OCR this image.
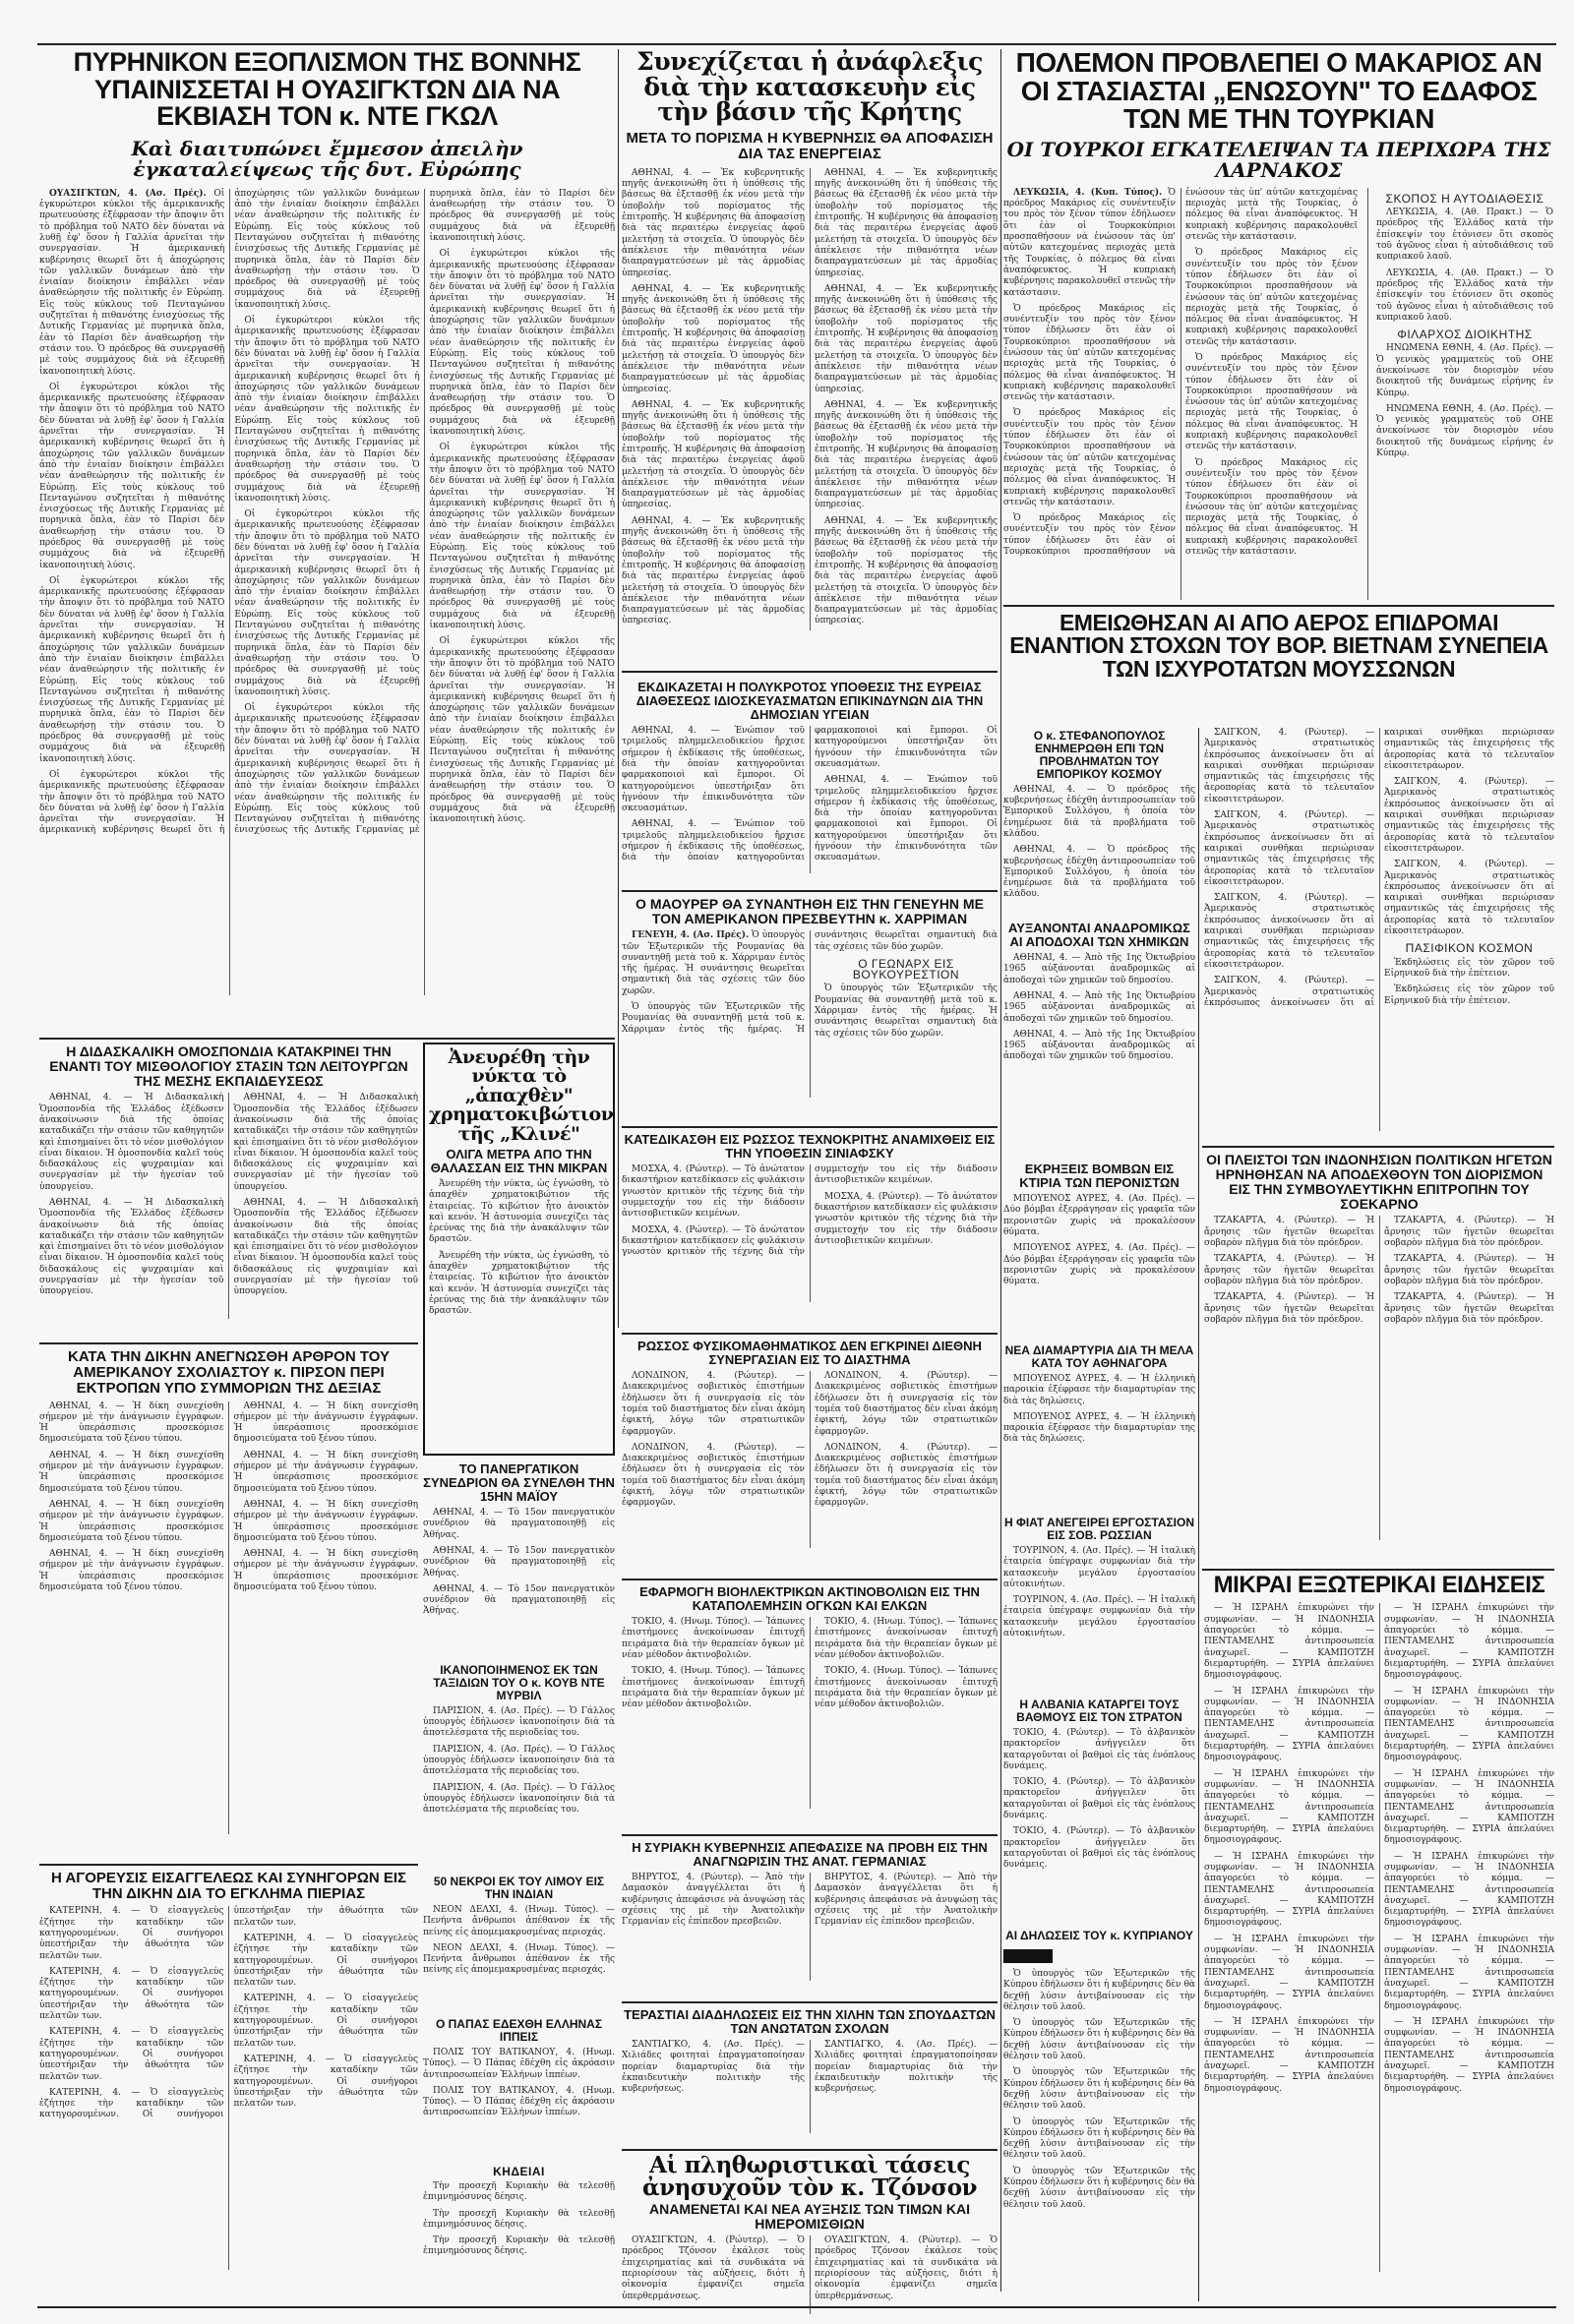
ΠΥΡΗΝΙΚΟΝ ΕΞΟΠΛΙΣΜΟΝ ΤΗΣ ΒΟΝΝΗΣ ΥΠΑΙΝΙΣΣΕΤΑΙ Η ΟΥΑΣΙΓΚΤΩΝ ΔΙΑ ΝΑ ΕΚΒΙΑΣΗ ΤΟΝ κ. ΝΤΕ ΓΚΩΛ
Καὶ διαιτυπώνει ἔμμεσον ἀπειλὴν ἐγκαταλείψεως τῆς δυτ. Εὐρώπης

ΟΥΑΣΙΓΚΤΩΝ, 4. (Ασ. Πρές). Οἱ ἐγκυρώτεροι κύκλοι τῆς ἀμερικανικῆς πρωτευούσης ἐξέφρασαν τὴν ἄποψιν ὅτι τὸ πρόβλημα τοῦ ΝΑΤΟ δὲν δύναται νὰ λυθῇ ἐφ' ὅσον ἡ Γαλλία ἀρνεῖται τὴν συνεργασίαν. Ἡ ἀμερικανικὴ κυβέρνησις θεωρεῖ ὅτι ἡ ἀποχώρησις τῶν γαλλικῶν δυνάμεων ἀπὸ τὴν ἑνιαίαν διοίκησιν ἐπιβάλλει νέαν ἀναθεώρησιν τῆς πολιτικῆς ἐν Εὐρώπῃ. Εἰς τοὺς κύκλους τοῦ Πενταγώνου συζητεῖται ἡ πιθανότης ἐνισχύσεως τῆς Δυτικῆς Γερμανίας μὲ πυρηνικὰ ὅπλα, ἐὰν τὸ Παρίσι δὲν ἀναθεωρήσῃ τὴν στάσιν του. Ὁ πρόεδρος θὰ συνεργασθῇ μὲ τοὺς συμμάχους διὰ νὰ ἐξευρεθῇ ἱκανοποιητικὴ λύσις.

Οἱ ἐγκυρώτεροι κύκλοι τῆς ἀμερικανικῆς πρωτευούσης ἐξέφρασαν τὴν ἄποψιν ὅτι τὸ πρόβλημα τοῦ ΝΑΤΟ δὲν δύναται νὰ λυθῇ ἐφ' ὅσον ἡ Γαλλία ἀρνεῖται τὴν συνεργασίαν. Ἡ ἀμερικανικὴ κυβέρνησις θεωρεῖ ὅτι ἡ ἀποχώρησις τῶν γαλλικῶν δυνάμεων ἀπὸ τὴν ἑνιαίαν διοίκησιν ἐπιβάλλει νέαν ἀναθεώρησιν τῆς πολιτικῆς ἐν Εὐρώπῃ. Εἰς τοὺς κύκλους τοῦ Πενταγώνου συζητεῖται ἡ πιθανότης ἐνισχύσεως τῆς Δυτικῆς Γερμανίας μὲ πυρηνικὰ ὅπλα, ἐὰν τὸ Παρίσι δὲν ἀναθεωρήσῃ τὴν στάσιν του. Ὁ πρόεδρος θὰ συνεργασθῇ μὲ τοὺς συμμάχους διὰ νὰ ἐξευρεθῇ ἱκανοποιητικὴ λύσις.

Οἱ ἐγκυρώτεροι κύκλοι τῆς ἀμερικανικῆς πρωτευούσης ἐξέφρασαν τὴν ἄποψιν ὅτι τὸ πρόβλημα τοῦ ΝΑΤΟ δὲν δύναται νὰ λυθῇ ἐφ' ὅσον ἡ Γαλλία ἀρνεῖται τὴν συνεργασίαν. Ἡ ἀμερικανικὴ κυβέρνησις θεωρεῖ ὅτι ἡ ἀποχώρησις τῶν γαλλικῶν δυνάμεων ἀπὸ τὴν ἑνιαίαν διοίκησιν ἐπιβάλλει νέαν ἀναθεώρησιν τῆς πολιτικῆς ἐν Εὐρώπῃ. Εἰς τοὺς κύκλους τοῦ Πενταγώνου συζητεῖται ἡ πιθανότης ἐνισχύσεως τῆς Δυτικῆς Γερμανίας μὲ πυρηνικὰ ὅπλα, ἐὰν τὸ Παρίσι δὲν ἀναθεωρήσῃ τὴν στάσιν του. Ὁ πρόεδρος θὰ συνεργασθῇ μὲ τοὺς συμμάχους διὰ νὰ ἐξευρεθῇ ἱκανοποιητικὴ λύσις.

Οἱ ἐγκυρώτεροι κύκλοι τῆς ἀμερικανικῆς πρωτευούσης ἐξέφρασαν τὴν ἄποψιν ὅτι τὸ πρόβλημα τοῦ ΝΑΤΟ δὲν δύναται νὰ λυθῇ ἐφ' ὅσον ἡ Γαλλία ἀρνεῖται τὴν συνεργασίαν. Ἡ ἀμερικανικὴ κυβέρνησις θεωρεῖ ὅτι ἡ ἀποχώρησις τῶν γαλλικῶν δυνάμεων ἀπὸ τὴν ἑνιαίαν διοίκησιν ἐπιβάλλει νέαν ἀναθεώρησιν τῆς πολιτικῆς ἐν Εὐρώπῃ. Εἰς τοὺς κύκλους τοῦ Πενταγώνου συζητεῖται ἡ πιθανότης ἐνισχύσεως τῆς Δυτικῆς Γερμανίας μὲ πυρηνικὰ ὅπλα, ἐὰν τὸ Παρίσι δὲν ἀναθεωρήσῃ τὴν στάσιν του. Ὁ πρόεδρος θὰ συνεργασθῇ μὲ τοὺς συμμάχους διὰ νὰ ἐξευρεθῇ ἱκανοποιητικὴ λύσις.

Οἱ ἐγκυρώτεροι κύκλοι τῆς ἀμερικανικῆς πρωτευούσης ἐξέφρασαν τὴν ἄποψιν ὅτι τὸ πρόβλημα τοῦ ΝΑΤΟ δὲν δύναται νὰ λυθῇ ἐφ' ὅσον ἡ Γαλλία ἀρνεῖται τὴν συνεργασίαν. Ἡ ἀμερικανικὴ κυβέρνησις θεωρεῖ ὅτι ἡ ἀποχώρησις τῶν γαλλικῶν δυνάμεων ἀπὸ τὴν ἑνιαίαν διοίκησιν ἐπιβάλλει νέαν ἀναθεώρησιν τῆς πολιτικῆς ἐν Εὐρώπῃ. Εἰς τοὺς κύκλους τοῦ Πενταγώνου συζητεῖται ἡ πιθανότης ἐνισχύσεως τῆς Δυτικῆς Γερμανίας μὲ πυρηνικὰ ὅπλα, ἐὰν τὸ Παρίσι δὲν ἀναθεωρήσῃ τὴν στάσιν του. Ὁ πρόεδρος θὰ συνεργασθῇ μὲ τοὺς συμμάχους διὰ νὰ ἐξευρεθῇ ἱκανοποιητικὴ λύσις.

Οἱ ἐγκυρώτεροι κύκλοι τῆς ἀμερικανικῆς πρωτευούσης ἐξέφρασαν τὴν ἄποψιν ὅτι τὸ πρόβλημα τοῦ ΝΑΤΟ δὲν δύναται νὰ λυθῇ ἐφ' ὅσον ἡ Γαλλία ἀρνεῖται τὴν συνεργασίαν. Ἡ ἀμερικανικὴ κυβέρνησις θεωρεῖ ὅτι ἡ ἀποχώρησις τῶν γαλλικῶν δυνάμεων ἀπὸ τὴν ἑνιαίαν διοίκησιν ἐπιβάλλει νέαν ἀναθεώρησιν τῆς πολιτικῆς ἐν Εὐρώπῃ. Εἰς τοὺς κύκλους τοῦ Πενταγώνου συζητεῖται ἡ πιθανότης ἐνισχύσεως τῆς Δυτικῆς Γερμανίας μὲ πυρηνικὰ ὅπλα, ἐὰν τὸ Παρίσι δὲν ἀναθεωρήσῃ τὴν στάσιν του. Ὁ πρόεδρος θὰ συνεργασθῇ μὲ τοὺς συμμάχους διὰ νὰ ἐξευρεθῇ ἱκανοποιητικὴ λύσις.

Οἱ ἐγκυρώτεροι κύκλοι τῆς ἀμερικανικῆς πρωτευούσης ἐξέφρασαν τὴν ἄποψιν ὅτι τὸ πρόβλημα τοῦ ΝΑΤΟ δὲν δύναται νὰ λυθῇ ἐφ' ὅσον ἡ Γαλλία ἀρνεῖται τὴν συνεργασίαν. Ἡ ἀμερικανικὴ κυβέρνησις θεωρεῖ ὅτι ἡ ἀποχώρησις τῶν γαλλικῶν δυνάμεων ἀπὸ τὴν ἑνιαίαν διοίκησιν ἐπιβάλλει νέαν ἀναθεώρησιν τῆς πολιτικῆς ἐν Εὐρώπῃ. Εἰς τοὺς κύκλους τοῦ Πενταγώνου συζητεῖται ἡ πιθανότης ἐνισχύσεως τῆς Δυτικῆς Γερμανίας μὲ πυρηνικὰ ὅπλα, ἐὰν τὸ Παρίσι δὲν ἀναθεωρήσῃ τὴν στάσιν του. Ὁ πρόεδρος θὰ συνεργασθῇ μὲ τοὺς συμμάχους διὰ νὰ ἐξευρεθῇ ἱκανοποιητικὴ λύσις.

Οἱ ἐγκυρώτεροι κύκλοι τῆς ἀμερικανικῆς πρωτευούσης ἐξέφρασαν τὴν ἄποψιν ὅτι τὸ πρόβλημα τοῦ ΝΑΤΟ δὲν δύναται νὰ λυθῇ ἐφ' ὅσον ἡ Γαλλία ἀρνεῖται τὴν συνεργασίαν. Ἡ ἀμερικανικὴ κυβέρνησις θεωρεῖ ὅτι ἡ ἀποχώρησις τῶν γαλλικῶν δυνάμεων ἀπὸ τὴν ἑνιαίαν διοίκησιν ἐπιβάλλει νέαν ἀναθεώρησιν τῆς πολιτικῆς ἐν Εὐρώπῃ. Εἰς τοὺς κύκλους τοῦ Πενταγώνου συζητεῖται ἡ πιθανότης ἐνισχύσεως τῆς Δυτικῆς Γερμανίας μὲ πυρηνικὰ ὅπλα, ἐὰν τὸ Παρίσι δὲν ἀναθεωρήσῃ τὴν στάσιν του. Ὁ πρόεδρος θὰ συνεργασθῇ μὲ τοὺς συμμάχους διὰ νὰ ἐξευρεθῇ ἱκανοποιητικὴ λύσις.

Οἱ ἐγκυρώτεροι κύκλοι τῆς ἀμερικανικῆς πρωτευούσης ἐξέφρασαν τὴν ἄποψιν ὅτι τὸ πρόβλημα τοῦ ΝΑΤΟ δὲν δύναται νὰ λυθῇ ἐφ' ὅσον ἡ Γαλλία ἀρνεῖται τὴν συνεργασίαν. Ἡ ἀμερικανικὴ κυβέρνησις θεωρεῖ ὅτι ἡ ἀποχώρησις τῶν γαλλικῶν δυνάμεων ἀπὸ τὴν ἑνιαίαν διοίκησιν ἐπιβάλλει νέαν ἀναθεώρησιν τῆς πολιτικῆς ἐν Εὐρώπῃ. Εἰς τοὺς κύκλους τοῦ Πενταγώνου συζητεῖται ἡ πιθανότης ἐνισχύσεως τῆς Δυτικῆς Γερμανίας μὲ πυρηνικὰ ὅπλα, ἐὰν τὸ Παρίσι δὲν ἀναθεωρήσῃ τὴν στάσιν του. Ὁ πρόεδρος θὰ συνεργασθῇ μὲ τοὺς συμμάχους διὰ νὰ ἐξευρεθῇ ἱκανοποιητικὴ λύσις.

Οἱ ἐγκυρώτεροι κύκλοι τῆς ἀμερικανικῆς πρωτευούσης ἐξέφρασαν τὴν ἄποψιν ὅτι τὸ πρόβλημα τοῦ ΝΑΤΟ δὲν δύναται νὰ λυθῇ ἐφ' ὅσον ἡ Γαλλία ἀρνεῖται τὴν συνεργασίαν. Ἡ ἀμερικανικὴ κυβέρνησις θεωρεῖ ὅτι ἡ ἀποχώρησις τῶν γαλλικῶν δυνάμεων ἀπὸ τὴν ἑνιαίαν διοίκησιν ἐπιβάλλει νέαν ἀναθεώρησιν τῆς πολιτικῆς ἐν Εὐρώπῃ. Εἰς τοὺς κύκλους τοῦ Πενταγώνου συζητεῖται ἡ πιθανότης ἐνισχύσεως τῆς Δυτικῆς Γερμανίας μὲ πυρηνικὰ ὅπλα, ἐὰν τὸ Παρίσι δὲν ἀναθεωρήσῃ τὴν στάσιν του. Ὁ πρόεδρος θὰ συνεργασθῇ μὲ τοὺς συμμάχους διὰ νὰ ἐξευρεθῇ ἱκανοποιητικὴ λύσις.

Συνεχίζεται ἡ ἀνάφλεξις διὰ τὴν κατασκευὴν εἰς τὴν βάσιν τῆς Κρήτης
ΜΕΤΑ ΤΟ ΠΟΡΙΣΜΑ Η ΚΥΒΕΡΝΗΣΙΣ ΘΑ ΑΠΟΦΑΣΙΣΗ ΔΙΑ ΤΑΣ ΕΝΕΡΓΕΙΑΣ

ΑΘΗΝΑΙ, 4. — Ἐκ κυβερνητικῆς πηγῆς ἀνεκοινώθη ὅτι ἡ ὑπόθεσις τῆς βάσεως θὰ ἐξετασθῇ ἐκ νέου μετὰ τὴν ὑποβολὴν τοῦ πορίσματος τῆς ἐπιτροπῆς. Ἡ κυβέρνησις θὰ ἀποφασίσῃ διὰ τὰς περαιτέρω ἐνεργείας ἀφοῦ μελετήσῃ τὰ στοιχεῖα. Ὁ ὑπουργὸς δὲν ἀπέκλεισε τὴν πιθανότητα νέων διαπραγματεύσεων μὲ τὰς ἀρμοδίας ὑπηρεσίας.

ΑΘΗΝΑΙ, 4. — Ἐκ κυβερνητικῆς πηγῆς ἀνεκοινώθη ὅτι ἡ ὑπόθεσις τῆς βάσεως θὰ ἐξετασθῇ ἐκ νέου μετὰ τὴν ὑποβολὴν τοῦ πορίσματος τῆς ἐπιτροπῆς. Ἡ κυβέρνησις θὰ ἀποφασίσῃ διὰ τὰς περαιτέρω ἐνεργείας ἀφοῦ μελετήσῃ τὰ στοιχεῖα. Ὁ ὑπουργὸς δὲν ἀπέκλεισε τὴν πιθανότητα νέων διαπραγματεύσεων μὲ τὰς ἀρμοδίας ὑπηρεσίας.

ΑΘΗΝΑΙ, 4. — Ἐκ κυβερνητικῆς πηγῆς ἀνεκοινώθη ὅτι ἡ ὑπόθεσις τῆς βάσεως θὰ ἐξετασθῇ ἐκ νέου μετὰ τὴν ὑποβολὴν τοῦ πορίσματος τῆς ἐπιτροπῆς. Ἡ κυβέρνησις θὰ ἀποφασίσῃ διὰ τὰς περαιτέρω ἐνεργείας ἀφοῦ μελετήσῃ τὰ στοιχεῖα. Ὁ ὑπουργὸς δὲν ἀπέκλεισε τὴν πιθανότητα νέων διαπραγματεύσεων μὲ τὰς ἀρμοδίας ὑπηρεσίας.

ΑΘΗΝΑΙ, 4. — Ἐκ κυβερνητικῆς πηγῆς ἀνεκοινώθη ὅτι ἡ ὑπόθεσις τῆς βάσεως θὰ ἐξετασθῇ ἐκ νέου μετὰ τὴν ὑποβολὴν τοῦ πορίσματος τῆς ἐπιτροπῆς. Ἡ κυβέρνησις θὰ ἀποφασίσῃ διὰ τὰς περαιτέρω ἐνεργείας ἀφοῦ μελετήσῃ τὰ στοιχεῖα. Ὁ ὑπουργὸς δὲν ἀπέκλεισε τὴν πιθανότητα νέων διαπραγματεύσεων μὲ τὰς ἀρμοδίας ὑπηρεσίας.

ΑΘΗΝΑΙ, 4. — Ἐκ κυβερνητικῆς πηγῆς ἀνεκοινώθη ὅτι ἡ ὑπόθεσις τῆς βάσεως θὰ ἐξετασθῇ ἐκ νέου μετὰ τὴν ὑποβολὴν τοῦ πορίσματος τῆς ἐπιτροπῆς. Ἡ κυβέρνησις θὰ ἀποφασίσῃ διὰ τὰς περαιτέρω ἐνεργείας ἀφοῦ μελετήσῃ τὰ στοιχεῖα. Ὁ ὑπουργὸς δὲν ἀπέκλεισε τὴν πιθανότητα νέων διαπραγματεύσεων μὲ τὰς ἀρμοδίας ὑπηρεσίας.

ΑΘΗΝΑΙ, 4. — Ἐκ κυβερνητικῆς πηγῆς ἀνεκοινώθη ὅτι ἡ ὑπόθεσις τῆς βάσεως θὰ ἐξετασθῇ ἐκ νέου μετὰ τὴν ὑποβολὴν τοῦ πορίσματος τῆς ἐπιτροπῆς. Ἡ κυβέρνησις θὰ ἀποφασίσῃ διὰ τὰς περαιτέρω ἐνεργείας ἀφοῦ μελετήσῃ τὰ στοιχεῖα. Ὁ ὑπουργὸς δὲν ἀπέκλεισε τὴν πιθανότητα νέων διαπραγματεύσεων μὲ τὰς ἀρμοδίας ὑπηρεσίας.

ΑΘΗΝΑΙ, 4. — Ἐκ κυβερνητικῆς πηγῆς ἀνεκοινώθη ὅτι ἡ ὑπόθεσις τῆς βάσεως θὰ ἐξετασθῇ ἐκ νέου μετὰ τὴν ὑποβολὴν τοῦ πορίσματος τῆς ἐπιτροπῆς. Ἡ κυβέρνησις θὰ ἀποφασίσῃ διὰ τὰς περαιτέρω ἐνεργείας ἀφοῦ μελετήσῃ τὰ στοιχεῖα. Ὁ ὑπουργὸς δὲν ἀπέκλεισε τὴν πιθανότητα νέων διαπραγματεύσεων μὲ τὰς ἀρμοδίας ὑπηρεσίας.

ΑΘΗΝΑΙ, 4. — Ἐκ κυβερνητικῆς πηγῆς ἀνεκοινώθη ὅτι ἡ ὑπόθεσις τῆς βάσεως θὰ ἐξετασθῇ ἐκ νέου μετὰ τὴν ὑποβολὴν τοῦ πορίσματος τῆς ἐπιτροπῆς. Ἡ κυβέρνησις θὰ ἀποφασίσῃ διὰ τὰς περαιτέρω ἐνεργείας ἀφοῦ μελετήσῃ τὰ στοιχεῖα. Ὁ ὑπουργὸς δὲν ἀπέκλεισε τὴν πιθανότητα νέων διαπραγματεύσεων μὲ τὰς ἀρμοδίας ὑπηρεσίας.

ΠΟΛΕΜΟΝ ΠΡΟΒΛΕΠΕΙ Ο ΜΑΚΑΡΙΟΣ ΑΝ ΟΙ ΣΤΑΣΙΑΣΤΑΙ „ΕΝΩΣΟΥΝ" ΤΟ ΕΔΑΦΟΣ ΤΩΝ ΜΕ ΤΗΝ ΤΟΥΡΚΙΑΝ
ΟΙ ΤΟΥΡΚΟΙ ΕΓΚΑΤΕΛΕΙΨΑΝ ΤΑ ΠΕΡΙΧΩΡΑ ΤΗΣ ΛΑΡΝΑΚΟΣ

ΛΕΥΚΩΣΙΑ, 4. (Κυπ. Τύπος). Ὁ πρόεδρος Μακάριος εἰς συνέντευξίν του πρὸς τὸν ξένον τύπον ἐδήλωσεν ὅτι ἐὰν οἱ Τουρκοκύπριοι προσπαθήσουν νὰ ἑνώσουν τὰς ὑπ' αὐτῶν κατεχομένας περιοχὰς μετὰ τῆς Τουρκίας, ὁ πόλεμος θὰ εἶναι ἀναπόφευκτος. Ἡ κυπριακὴ κυβέρνησις παρακολουθεῖ στενῶς τὴν κατάστασιν.

Ὁ πρόεδρος Μακάριος εἰς συνέντευξίν του πρὸς τὸν ξένον τύπον ἐδήλωσεν ὅτι ἐὰν οἱ Τουρκοκύπριοι προσπαθήσουν νὰ ἑνώσουν τὰς ὑπ' αὐτῶν κατεχομένας περιοχὰς μετὰ τῆς Τουρκίας, ὁ πόλεμος θὰ εἶναι ἀναπόφευκτος. Ἡ κυπριακὴ κυβέρνησις παρακολουθεῖ στενῶς τὴν κατάστασιν.

Ὁ πρόεδρος Μακάριος εἰς συνέντευξίν του πρὸς τὸν ξένον τύπον ἐδήλωσεν ὅτι ἐὰν οἱ Τουρκοκύπριοι προσπαθήσουν νὰ ἑνώσουν τὰς ὑπ' αὐτῶν κατεχομένας περιοχὰς μετὰ τῆς Τουρκίας, ὁ πόλεμος θὰ εἶναι ἀναπόφευκτος. Ἡ κυπριακὴ κυβέρνησις παρακολουθεῖ στενῶς τὴν κατάστασιν.

Ὁ πρόεδρος Μακάριος εἰς συνέντευξίν του πρὸς τὸν ξένον τύπον ἐδήλωσεν ὅτι ἐὰν οἱ Τουρκοκύπριοι προσπαθήσουν νὰ ἑνώσουν τὰς ὑπ' αὐτῶν κατεχομένας περιοχὰς μετὰ τῆς Τουρκίας, ὁ πόλεμος θὰ εἶναι ἀναπόφευκτος. Ἡ κυπριακὴ κυβέρνησις παρακολουθεῖ στενῶς τὴν κατάστασιν.

Ὁ πρόεδρος Μακάριος εἰς συνέντευξίν του πρὸς τὸν ξένον τύπον ἐδήλωσεν ὅτι ἐὰν οἱ Τουρκοκύπριοι προσπαθήσουν νὰ ἑνώσουν τὰς ὑπ' αὐτῶν κατεχομένας περιοχὰς μετὰ τῆς Τουρκίας, ὁ πόλεμος θὰ εἶναι ἀναπόφευκτος. Ἡ κυπριακὴ κυβέρνησις παρακολουθεῖ στενῶς τὴν κατάστασιν.

Ὁ πρόεδρος Μακάριος εἰς συνέντευξίν του πρὸς τὸν ξένον τύπον ἐδήλωσεν ὅτι ἐὰν οἱ Τουρκοκύπριοι προσπαθήσουν νὰ ἑνώσουν τὰς ὑπ' αὐτῶν κατεχομένας περιοχὰς μετὰ τῆς Τουρκίας, ὁ πόλεμος θὰ εἶναι ἀναπόφευκτος. Ἡ κυπριακὴ κυβέρνησις παρακολουθεῖ στενῶς τὴν κατάστασιν.

Ὁ πρόεδρος Μακάριος εἰς συνέντευξίν του πρὸς τὸν ξένον τύπον ἐδήλωσεν ὅτι ἐὰν οἱ Τουρκοκύπριοι προσπαθήσουν νὰ ἑνώσουν τὰς ὑπ' αὐτῶν κατεχομένας περιοχὰς μετὰ τῆς Τουρκίας, ὁ πόλεμος θὰ εἶναι ἀναπόφευκτος. Ἡ κυπριακὴ κυβέρνησις παρακολουθεῖ στενῶς τὴν κατάστασιν.

ΣΚΟΠΟΣ Η ΑΥΤΟΔΙΑΘΕΣΙΣ

ΛΕΥΚΩΣΙΑ, 4. (Αθ. Πρακτ.) — Ὁ πρόεδρος τῆς Ἑλλάδος κατὰ τὴν ἐπίσκεψίν του ἐτόνισεν ὅτι σκοπὸς τοῦ ἀγῶνος εἶναι ἡ αὐτοδιάθεσις τοῦ κυπριακοῦ λαοῦ.

ΛΕΥΚΩΣΙΑ, 4. (Αθ. Πρακτ.) — Ὁ πρόεδρος τῆς Ἑλλάδος κατὰ τὴν ἐπίσκεψίν του ἐτόνισεν ὅτι σκοπὸς τοῦ ἀγῶνος εἶναι ἡ αὐτοδιάθεσις τοῦ κυπριακοῦ λαοῦ.

ΦΙΛΑΡΧΟΣ ΔΙΟΙΚΗΤΗΣ

ΗΝΩΜΕΝΑ ΕΘΝΗ, 4. (Ασ. Πρές). — Ὁ γενικὸς γραμματεὺς τοῦ ΟΗΕ ἀνεκοίνωσε τὸν διορισμὸν νέου διοικητοῦ τῆς δυνάμεως εἰρήνης ἐν Κύπρῳ.

ΗΝΩΜΕΝΑ ΕΘΝΗ, 4. (Ασ. Πρές). — Ὁ γενικὸς γραμματεὺς τοῦ ΟΗΕ ἀνεκοίνωσε τὸν διορισμὸν νέου διοικητοῦ τῆς δυνάμεως εἰρήνης ἐν Κύπρῳ.

ΕΚΔΙΚΑΖΕΤΑΙ Η ΠΟΛΥΚΡΟΤΟΣ ΥΠΟΘΕΣΙΣ ΤΗΣ ΕΥΡΕΙΑΣ ΔΙΑΘΕΣΕΩΣ ΙΔΙΟΣΚΕΥΑΣΜΑΤΩΝ ΕΠΙΚΙΝΔΥΝΩΝ ΔΙΑ ΤΗΝ ΔΗΜΟΣΙΑΝ ΥΓΕΙΑΝ

ΑΘΗΝΑΙ, 4. — Ἐνώπιον τοῦ τριμελοῦς πλημμελειοδικείου ἤρχισε σήμερον ἡ ἐκδίκασις τῆς ὑποθέσεως, διὰ τὴν ὁποίαν κατηγοροῦνται φαρμακοποιοὶ καὶ ἔμποροι. Οἱ κατηγορούμενοι ὑπεστήριξαν ὅτι ἠγνόουν τὴν ἐπικινδυνότητα τῶν σκευασμάτων.

ΑΘΗΝΑΙ, 4. — Ἐνώπιον τοῦ τριμελοῦς πλημμελειοδικείου ἤρχισε σήμερον ἡ ἐκδίκασις τῆς ὑποθέσεως, διὰ τὴν ὁποίαν κατηγοροῦνται φαρμακοποιοὶ καὶ ἔμποροι. Οἱ κατηγορούμενοι ὑπεστήριξαν ὅτι ἠγνόουν τὴν ἐπικινδυνότητα τῶν σκευασμάτων.

ΑΘΗΝΑΙ, 4. — Ἐνώπιον τοῦ τριμελοῦς πλημμελειοδικείου ἤρχισε σήμερον ἡ ἐκδίκασις τῆς ὑποθέσεως, διὰ τὴν ὁποίαν κατηγοροῦνται φαρμακοποιοὶ καὶ ἔμποροι. Οἱ κατηγορούμενοι ὑπεστήριξαν ὅτι ἠγνόουν τὴν ἐπικινδυνότητα τῶν σκευασμάτων.

Ο ΜΑΟΥΡΕΡ ΘΑ ΣΥΝΑΝΤΗΘΗ ΕΙΣ ΤΗΝ ΓΕΝΕΥΗΝ ΜΕ ΤΟΝ ΑΜΕΡΙΚΑΝΟΝ ΠΡΕΣΒΕΥΤΗΝ κ. ΧΑΡΡΙΜΑΝ

ΓΕΝΕΥΗ, 4. (Ασ. Πρές). Ὁ ὑπουργὸς τῶν Ἐξωτερικῶν τῆς Ρουμανίας θὰ συναντηθῇ μετὰ τοῦ κ. Χάρριμαν ἐντὸς τῆς ἡμέρας. Ἡ συνάντησις θεωρεῖται σημαντικὴ διὰ τὰς σχέσεις τῶν δύο χωρῶν.

Ὁ ὑπουργὸς τῶν Ἐξωτερικῶν τῆς Ρουμανίας θὰ συναντηθῇ μετὰ τοῦ κ. Χάρριμαν ἐντὸς τῆς ἡμέρας. Ἡ συνάντησις θεωρεῖται σημαντικὴ διὰ τὰς σχέσεις τῶν δύο χωρῶν.

Ο ΓΕΩΝΑΡΧ ΕΙΣ ΒΟΥΚΟΥΡΕΣΤΙΟΝ

Ὁ ὑπουργὸς τῶν Ἐξωτερικῶν τῆς Ρουμανίας θὰ συναντηθῇ μετὰ τοῦ κ. Χάρριμαν ἐντὸς τῆς ἡμέρας. Ἡ συνάντησις θεωρεῖται σημαντικὴ διὰ τὰς σχέσεις τῶν δύο χωρῶν.

ΚΑΤΕΔΙΚΑΣΘΗ ΕΙΣ ΡΩΣΣΟΣ ΤΕΧΝΟΚΡΙΤΗΣ ΑΝΑΜΙΧΘΕΙΣ ΕΙΣ ΤΗΝ ΥΠΟΘΕΣΙΝ ΣΙΝΙΑΦΣΚΥ

ΜΟΣΧΑ, 4. (Ρώυτερ). — Τὸ ἀνώτατον δικαστήριον κατεδίκασεν εἰς φυλάκισιν γνωστὸν κριτικὸν τῆς τέχνης διὰ τὴν συμμετοχήν του εἰς τὴν διάδοσιν ἀντισοβιετικῶν κειμένων.

ΜΟΣΧΑ, 4. (Ρώυτερ). — Τὸ ἀνώτατον δικαστήριον κατεδίκασεν εἰς φυλάκισιν γνωστὸν κριτικὸν τῆς τέχνης διὰ τὴν συμμετοχήν του εἰς τὴν διάδοσιν ἀντισοβιετικῶν κειμένων.

ΜΟΣΧΑ, 4. (Ρώυτερ). — Τὸ ἀνώτατον δικαστήριον κατεδίκασεν εἰς φυλάκισιν γνωστὸν κριτικὸν τῆς τέχνης διὰ τὴν συμμετοχήν του εἰς τὴν διάδοσιν ἀντισοβιετικῶν κειμένων.

ΡΩΣΣΟΣ ΦΥΣΙΚΟΜΑΘΗΜΑΤΙΚΟΣ ΔΕΝ ΕΓΚΡΙΝΕΙ ΔΙΕΘΝΗ ΣΥΝΕΡΓΑΣΙΑΝ ΕΙΣ ΤΟ ΔΙΑΣΤΗΜΑ

ΛΟΝΔΙΝΟΝ, 4. (Ρώυτερ). — Διακεκριμένος σοβιετικὸς ἐπιστήμων ἐδήλωσεν ὅτι ἡ συνεργασία εἰς τὸν τομέα τοῦ διαστήματος δὲν εἶναι ἀκόμη ἐφικτή, λόγῳ τῶν στρατιωτικῶν ἐφαρμογῶν.

ΛΟΝΔΙΝΟΝ, 4. (Ρώυτερ). — Διακεκριμένος σοβιετικὸς ἐπιστήμων ἐδήλωσεν ὅτι ἡ συνεργασία εἰς τὸν τομέα τοῦ διαστήματος δὲν εἶναι ἀκόμη ἐφικτή, λόγῳ τῶν στρατιωτικῶν ἐφαρμογῶν.

ΛΟΝΔΙΝΟΝ, 4. (Ρώυτερ). — Διακεκριμένος σοβιετικὸς ἐπιστήμων ἐδήλωσεν ὅτι ἡ συνεργασία εἰς τὸν τομέα τοῦ διαστήματος δὲν εἶναι ἀκόμη ἐφικτή, λόγῳ τῶν στρατιωτικῶν ἐφαρμογῶν.

ΛΟΝΔΙΝΟΝ, 4. (Ρώυτερ). — Διακεκριμένος σοβιετικὸς ἐπιστήμων ἐδήλωσεν ὅτι ἡ συνεργασία εἰς τὸν τομέα τοῦ διαστήματος δὲν εἶναι ἀκόμη ἐφικτή, λόγῳ τῶν στρατιωτικῶν ἐφαρμογῶν.

ΕΦΑΡΜΟΓΗ ΒΙΟΗΛΕΚΤΡΙΚΩΝ ΑΚΤΙΝΟΒΟΛΙΩΝ ΕΙΣ ΤΗΝ ΚΑΤΑΠΟΛΕΜΗΣΙΝ ΟΓΚΩΝ ΚΑΙ ΕΛΚΩΝ

ΤΟΚΙΟ, 4. (Ηνωμ. Τύπος). — Ἰάπωνες ἐπιστήμονες ἀνεκοίνωσαν ἐπιτυχῆ πειράματα διὰ τὴν θεραπείαν ὄγκων μὲ νέαν μέθοδον ἀκτινοβολιῶν.

ΤΟΚΙΟ, 4. (Ηνωμ. Τύπος). — Ἰάπωνες ἐπιστήμονες ἀνεκοίνωσαν ἐπιτυχῆ πειράματα διὰ τὴν θεραπείαν ὄγκων μὲ νέαν μέθοδον ἀκτινοβολιῶν.

ΤΟΚΙΟ, 4. (Ηνωμ. Τύπος). — Ἰάπωνες ἐπιστήμονες ἀνεκοίνωσαν ἐπιτυχῆ πειράματα διὰ τὴν θεραπείαν ὄγκων μὲ νέαν μέθοδον ἀκτινοβολιῶν.

ΤΟΚΙΟ, 4. (Ηνωμ. Τύπος). — Ἰάπωνες ἐπιστήμονες ἀνεκοίνωσαν ἐπιτυχῆ πειράματα διὰ τὴν θεραπείαν ὄγκων μὲ νέαν μέθοδον ἀκτινοβολιῶν.

Η ΣΥΡΙΑΚΗ ΚΥΒΕΡΝΗΣΙΣ ΑΠΕΦΑΣΙΣΕ ΝΑ ΠΡΟΒΗ ΕΙΣ ΤΗΝ ΑΝΑΓΝΩΡΙΣΙΝ ΤΗΣ ΑΝΑΤ. ΓΕΡΜΑΝΙΑΣ

ΒΗΡΥΤΟΣ, 4. (Ρώυτερ). — Ἀπὸ τὴν Δαμασκὸν ἀναγγέλλεται ὅτι ἡ κυβέρνησις ἀπεφάσισε νὰ ἀνυψώσῃ τὰς σχέσεις της μὲ τὴν Ἀνατολικὴν Γερμανίαν εἰς ἐπίπεδον πρεσβειῶν.

ΒΗΡΥΤΟΣ, 4. (Ρώυτερ). — Ἀπὸ τὴν Δαμασκὸν ἀναγγέλλεται ὅτι ἡ κυβέρνησις ἀπεφάσισε νὰ ἀνυψώσῃ τὰς σχέσεις της μὲ τὴν Ἀνατολικὴν Γερμανίαν εἰς ἐπίπεδον πρεσβειῶν.

ΤΕΡΑΣΤΙΑΙ ΔΙΑΔΗΛΩΣΕΙΣ ΕΙΣ ΤΗΝ ΧΙΛΗΝ ΤΩΝ ΣΠΟΥΔΑΣΤΩΝ ΤΩΝ ΑΝΩΤΑΤΩΝ ΣΧΟΛΩΝ

ΣΑΝΤΙΑΓΚΟ, 4. (Ασ. Πρές). — Χιλιάδες φοιτηταὶ ἐπραγματοποίησαν πορείαν διαμαρτυρίας διὰ τὴν ἐκπαιδευτικὴν πολιτικὴν τῆς κυβερνήσεως.

ΣΑΝΤΙΑΓΚΟ, 4. (Ασ. Πρές). — Χιλιάδες φοιτηταὶ ἐπραγματοποίησαν πορείαν διαμαρτυρίας διὰ τὴν ἐκπαιδευτικὴν πολιτικὴν τῆς κυβερνήσεως.

Αἱ πληθωριστικαὶ τάσεις ἀνησυχοῦν τὸν κ. Τζόνσον
ΑΝΑΜΕΝΕΤΑΙ ΚΑΙ ΝΕΑ ΑΥΞΗΣΙΣ ΤΩΝ ΤΙΜΩΝ ΚΑΙ ΗΜΕΡΟΜΙΣΘΙΩΝ

ΟΥΑΣΙΓΚΤΩΝ, 4. (Ρώυτερ). — Ὁ πρόεδρος Τζόνσον ἐκάλεσε τοὺς ἐπιχειρηματίας καὶ τὰ συνδικάτα νὰ περιορίσουν τὰς αὐξήσεις, διότι ἡ οἰκονομία ἐμφανίζει σημεῖα ὑπερθερμάνσεως.

ΟΥΑΣΙΓΚΤΩΝ, 4. (Ρώυτερ). — Ὁ πρόεδρος Τζόνσον ἐκάλεσε τοὺς ἐπιχειρηματίας καὶ τὰ συνδικάτα νὰ περιορίσουν τὰς αὐξήσεις, διότι ἡ οἰκονομία ἐμφανίζει σημεῖα ὑπερθερμάνσεως.

Η ΔΙΔΑΣΚΑΛΙΚΗ ΟΜΟΣΠΟΝΔΙΑ ΚΑΤΑΚΡΙΝΕΙ ΤΗΝ ΕΝΑΝΤΙ ΤΟΥ ΜΙΣΘΟΛΟΓΙΟΥ ΣΤΑΣΙΝ ΤΩΝ ΛΕΙΤΟΥΡΓΩΝ ΤΗΣ ΜΕΣΗΣ ΕΚΠΑΙΔΕΥΣΕΩΣ

ΑΘΗΝΑΙ, 4. — Ἡ Διδασκαλικὴ Ὁμοσπονδία τῆς Ἑλλάδος ἐξέδωσεν ἀνακοίνωσιν διὰ τῆς ὁποίας καταδικάζει τὴν στάσιν τῶν καθηγητῶν καὶ ἐπισημαίνει ὅτι τὸ νέον μισθολόγιον εἶναι δίκαιον. Ἡ ὁμοσπονδία καλεῖ τοὺς διδασκάλους εἰς ψυχραιμίαν καὶ συνεργασίαν μὲ τὴν ἡγεσίαν τοῦ ὑπουργείου.

ΑΘΗΝΑΙ, 4. — Ἡ Διδασκαλικὴ Ὁμοσπονδία τῆς Ἑλλάδος ἐξέδωσεν ἀνακοίνωσιν διὰ τῆς ὁποίας καταδικάζει τὴν στάσιν τῶν καθηγητῶν καὶ ἐπισημαίνει ὅτι τὸ νέον μισθολόγιον εἶναι δίκαιον. Ἡ ὁμοσπονδία καλεῖ τοὺς διδασκάλους εἰς ψυχραιμίαν καὶ συνεργασίαν μὲ τὴν ἡγεσίαν τοῦ ὑπουργείου.

ΑΘΗΝΑΙ, 4. — Ἡ Διδασκαλικὴ Ὁμοσπονδία τῆς Ἑλλάδος ἐξέδωσεν ἀνακοίνωσιν διὰ τῆς ὁποίας καταδικάζει τὴν στάσιν τῶν καθηγητῶν καὶ ἐπισημαίνει ὅτι τὸ νέον μισθολόγιον εἶναι δίκαιον. Ἡ ὁμοσπονδία καλεῖ τοὺς διδασκάλους εἰς ψυχραιμίαν καὶ συνεργασίαν μὲ τὴν ἡγεσίαν τοῦ ὑπουργείου.

ΑΘΗΝΑΙ, 4. — Ἡ Διδασκαλικὴ Ὁμοσπονδία τῆς Ἑλλάδος ἐξέδωσεν ἀνακοίνωσιν διὰ τῆς ὁποίας καταδικάζει τὴν στάσιν τῶν καθηγητῶν καὶ ἐπισημαίνει ὅτι τὸ νέον μισθολόγιον εἶναι δίκαιον. Ἡ ὁμοσπονδία καλεῖ τοὺς διδασκάλους εἰς ψυχραιμίαν καὶ συνεργασίαν μὲ τὴν ἡγεσίαν τοῦ ὑπουργείου.

Ἀνευρέθη τὴν νύκτα τὸ „ἁπαχθὲν" χρηματοκιβώτιον τῆς „Κλινέ"
ΟΛΙΓΑ ΜΕΤΡΑ ΑΠΟ ΤΗΝ ΘΑΛΑΣΣΑΝ ΕΙΣ ΤΗΝ ΜΙΚΡΑΝ

Ἀνευρέθη τὴν νύκτα, ὡς ἐγνώσθη, τὸ ἁπαχθὲν χρηματοκιβώτιον τῆς ἑταιρείας. Τὸ κιβώτιον ἦτο ἀνοικτὸν καὶ κενόν. Ἡ ἀστυνομία συνεχίζει τὰς ἐρεύνας της διὰ τὴν ἀνακάλυψιν τῶν δραστῶν.

Ἀνευρέθη τὴν νύκτα, ὡς ἐγνώσθη, τὸ ἁπαχθὲν χρηματοκιβώτιον τῆς ἑταιρείας. Τὸ κιβώτιον ἦτο ἀνοικτὸν καὶ κενόν. Ἡ ἀστυνομία συνεχίζει τὰς ἐρεύνας της διὰ τὴν ἀνακάλυψιν τῶν δραστῶν.

ΤΟ ΠΑΝΕΡΓΑΤΙΚΟΝ ΣΥΝΕΔΡΙΟΝ ΘΑ ΣΥΝΕΛΘΗ ΤΗΝ 15ΗΝ ΜΑΪΟΥ

ΑΘΗΝΑΙ, 4. — Τὸ 15ον πανεργατικὸν συνέδριον θὰ πραγματοποιηθῇ εἰς Ἀθήνας.

ΑΘΗΝΑΙ, 4. — Τὸ 15ον πανεργατικὸν συνέδριον θὰ πραγματοποιηθῇ εἰς Ἀθήνας.

ΑΘΗΝΑΙ, 4. — Τὸ 15ον πανεργατικὸν συνέδριον θὰ πραγματοποιηθῇ εἰς Ἀθήνας.

ΙΚΑΝΟΠΟΙΗΜΕΝΟΣ ΕΚ ΤΩΝ ΤΑΞΙΔΙΩΝ ΤΟΥ Ο κ. ΚΟΥΒ ΝΤΕ ΜΥΡΒΙΛ

ΠΑΡΙΣΙΟΝ, 4. (Ασ. Πρές). — Ὁ Γάλλος ὑπουργὸς ἐδήλωσεν ἱκανοποίησιν διὰ τὰ ἀποτελέσματα τῆς περιοδείας του.

ΠΑΡΙΣΙΟΝ, 4. (Ασ. Πρές). — Ὁ Γάλλος ὑπουργὸς ἐδήλωσεν ἱκανοποίησιν διὰ τὰ ἀποτελέσματα τῆς περιοδείας του.

ΠΑΡΙΣΙΟΝ, 4. (Ασ. Πρές). — Ὁ Γάλλος ὑπουργὸς ἐδήλωσεν ἱκανοποίησιν διὰ τὰ ἀποτελέσματα τῆς περιοδείας του.

50 ΝΕΚΡΟΙ ΕΚ ΤΟΥ ΛΙΜΟΥ ΕΙΣ ΤΗΝ ΙΝΔΙΑΝ

ΝΕΟΝ ΔΕΛΧΙ, 4. (Ηνωμ. Τύπος). — Πενήντα ἄνθρωποι ἀπέθανον ἐκ τῆς πείνης εἰς ἀπομεμακρυσμένας περιοχάς.

ΝΕΟΝ ΔΕΛΧΙ, 4. (Ηνωμ. Τύπος). — Πενήντα ἄνθρωποι ἀπέθανον ἐκ τῆς πείνης εἰς ἀπομεμακρυσμένας περιοχάς.

Ο ΠΑΠΑΣ ΕΔΕΧΘΗ ΕΛΛΗΝΑΣ ΙΠΠΕΙΣ

ΠΟΛΙΣ ΤΟΥ ΒΑΤΙΚΑΝΟΥ, 4. (Ηνωμ. Τύπος). — Ὁ Πάπας ἐδέχθη εἰς ἀκρόασιν ἀντιπροσωπείαν Ἑλλήνων ἱππέων.

ΠΟΛΙΣ ΤΟΥ ΒΑΤΙΚΑΝΟΥ, 4. (Ηνωμ. Τύπος). — Ὁ Πάπας ἐδέχθη εἰς ἀκρόασιν ἀντιπροσωπείαν Ἑλλήνων ἱππέων.

ΚΗΔΕΙΑΙ

Τὴν προσεχῆ Κυριακὴν θὰ τελεσθῇ ἐπιμνημόσυνος δέησις.

Τὴν προσεχῆ Κυριακὴν θὰ τελεσθῇ ἐπιμνημόσυνος δέησις.

Τὴν προσεχῆ Κυριακὴν θὰ τελεσθῇ ἐπιμνημόσυνος δέησις.

ΚΑΤΑ ΤΗΝ ΔΙΚΗΝ ΑΝΕΓΝΩΣΘΗ ΑΡΘΡΟΝ ΤΟΥ ΑΜΕΡΙΚΑΝΟΥ ΣΧΟΛΙΑΣΤΟΥ κ. ΠΙΡΣΟΝ ΠΕΡΙ ΕΚΤΡΟΠΩΝ ΥΠΟ ΣΥΜΜΟΡΙΩΝ ΤΗΣ ΔΕΞΙΑΣ

ΑΘΗΝΑΙ, 4. — Ἡ δίκη συνεχίσθη σήμερον μὲ τὴν ἀνάγνωσιν ἐγγράφων. Ἡ ὑπεράσπισις προσεκόμισε δημοσιεύματα τοῦ ξένου τύπου.

ΑΘΗΝΑΙ, 4. — Ἡ δίκη συνεχίσθη σήμερον μὲ τὴν ἀνάγνωσιν ἐγγράφων. Ἡ ὑπεράσπισις προσεκόμισε δημοσιεύματα τοῦ ξένου τύπου.

ΑΘΗΝΑΙ, 4. — Ἡ δίκη συνεχίσθη σήμερον μὲ τὴν ἀνάγνωσιν ἐγγράφων. Ἡ ὑπεράσπισις προσεκόμισε δημοσιεύματα τοῦ ξένου τύπου.

ΑΘΗΝΑΙ, 4. — Ἡ δίκη συνεχίσθη σήμερον μὲ τὴν ἀνάγνωσιν ἐγγράφων. Ἡ ὑπεράσπισις προσεκόμισε δημοσιεύματα τοῦ ξένου τύπου.

ΑΘΗΝΑΙ, 4. — Ἡ δίκη συνεχίσθη σήμερον μὲ τὴν ἀνάγνωσιν ἐγγράφων. Ἡ ὑπεράσπισις προσεκόμισε δημοσιεύματα τοῦ ξένου τύπου.

ΑΘΗΝΑΙ, 4. — Ἡ δίκη συνεχίσθη σήμερον μὲ τὴν ἀνάγνωσιν ἐγγράφων. Ἡ ὑπεράσπισις προσεκόμισε δημοσιεύματα τοῦ ξένου τύπου.

ΑΘΗΝΑΙ, 4. — Ἡ δίκη συνεχίσθη σήμερον μὲ τὴν ἀνάγνωσιν ἐγγράφων. Ἡ ὑπεράσπισις προσεκόμισε δημοσιεύματα τοῦ ξένου τύπου.

ΑΘΗΝΑΙ, 4. — Ἡ δίκη συνεχίσθη σήμερον μὲ τὴν ἀνάγνωσιν ἐγγράφων. Ἡ ὑπεράσπισις προσεκόμισε δημοσιεύματα τοῦ ξένου τύπου.

Η ΑΓΟΡΕΥΣΙΣ ΕΙΣΑΓΓΕΛΕΩΣ ΚΑΙ ΣΥΝΗΓΟΡΩΝ ΕΙΣ ΤΗΝ ΔΙΚΗΝ ΔΙΑ ΤΟ ΕΓΚΛΗΜΑ ΠΙΕΡΙΑΣ

ΚΑΤΕΡΙΝΗ, 4. — Ὁ εἰσαγγελεὺς ἐζήτησε τὴν καταδίκην τῶν κατηγορουμένων. Οἱ συνήγοροι ὑπεστήριξαν τὴν ἀθωότητα τῶν πελατῶν των.

ΚΑΤΕΡΙΝΗ, 4. — Ὁ εἰσαγγελεὺς ἐζήτησε τὴν καταδίκην τῶν κατηγορουμένων. Οἱ συνήγοροι ὑπεστήριξαν τὴν ἀθωότητα τῶν πελατῶν των.

ΚΑΤΕΡΙΝΗ, 4. — Ὁ εἰσαγγελεὺς ἐζήτησε τὴν καταδίκην τῶν κατηγορουμένων. Οἱ συνήγοροι ὑπεστήριξαν τὴν ἀθωότητα τῶν πελατῶν των.

ΚΑΤΕΡΙΝΗ, 4. — Ὁ εἰσαγγελεὺς ἐζήτησε τὴν καταδίκην τῶν κατηγορουμένων. Οἱ συνήγοροι ὑπεστήριξαν τὴν ἀθωότητα τῶν πελατῶν των.

ΚΑΤΕΡΙΝΗ, 4. — Ὁ εἰσαγγελεὺς ἐζήτησε τὴν καταδίκην τῶν κατηγορουμένων. Οἱ συνήγοροι ὑπεστήριξαν τὴν ἀθωότητα τῶν πελατῶν των.

ΚΑΤΕΡΙΝΗ, 4. — Ὁ εἰσαγγελεὺς ἐζήτησε τὴν καταδίκην τῶν κατηγορουμένων. Οἱ συνήγοροι ὑπεστήριξαν τὴν ἀθωότητα τῶν πελατῶν των.

ΚΑΤΕΡΙΝΗ, 4. — Ὁ εἰσαγγελεὺς ἐζήτησε τὴν καταδίκην τῶν κατηγορουμένων. Οἱ συνήγοροι ὑπεστήριξαν τὴν ἀθωότητα τῶν πελατῶν των.

ΕΜΕΙΩΘΗΣΑΝ ΑΙ ΑΠΟ ΑΕΡΟΣ ΕΠΙΔΡΟΜΑΙ ΕΝΑΝΤΙΟΝ ΣΤΟΧΩΝ ΤΟΥ ΒΟΡ. ΒΙΕΤΝΑΜ ΣΥΝΕΠΕΙΑ ΤΩΝ ΙΣΧΥΡΟΤΑΤΩΝ ΜΟΥΣΣΩΝΩΝ
Ο κ. ΣΤΕΦΑΝΟΠΟΥΛΟΣ ΕΝΗΜΕΡΩΘΗ ΕΠΙ ΤΩΝ ΠΡΟΒΛΗΜΑΤΩΝ ΤΟΥ ΕΜΠΟΡΙΚΟΥ ΚΟΣΜΟΥ

ΑΘΗΝΑΙ, 4. — Ὁ πρόεδρος τῆς κυβερνήσεως ἐδέχθη ἀντιπροσωπείαν τοῦ Ἐμπορικοῦ Συλλόγου, ἡ ὁποία τὸν ἐνημέρωσε διὰ τὰ προβλήματα τοῦ κλάδου.

ΑΘΗΝΑΙ, 4. — Ὁ πρόεδρος τῆς κυβερνήσεως ἐδέχθη ἀντιπροσωπείαν τοῦ Ἐμπορικοῦ Συλλόγου, ἡ ὁποία τὸν ἐνημέρωσε διὰ τὰ προβλήματα τοῦ κλάδου.

ΑΥΞΑΝΟΝΤΑΙ ΑΝΑΔΡΟΜΙΚΩΣ ΑΙ ΑΠΟΔΟΧΑΙ ΤΩΝ ΧΗΜΙΚΩΝ

ΑΘΗΝΑΙ, 4. — Ἀπὸ τῆς 1ης Ὀκτωβρίου 1965 αὐξάνονται ἀναδρομικῶς αἱ ἀποδοχαὶ τῶν χημικῶν τοῦ δημοσίου.

ΑΘΗΝΑΙ, 4. — Ἀπὸ τῆς 1ης Ὀκτωβρίου 1965 αὐξάνονται ἀναδρομικῶς αἱ ἀποδοχαὶ τῶν χημικῶν τοῦ δημοσίου.

ΑΘΗΝΑΙ, 4. — Ἀπὸ τῆς 1ης Ὀκτωβρίου 1965 αὐξάνονται ἀναδρομικῶς αἱ ἀποδοχαὶ τῶν χημικῶν τοῦ δημοσίου.

ΕΚΡΗΞΕΙΣ ΒΟΜΒΩΝ ΕΙΣ ΚΤΙΡΙΑ ΤΩΝ ΠΕΡΟΝΙΣΤΩΝ

ΜΠΟΥΕΝΟΣ ΑΥΡΕΣ, 4. (Ασ. Πρές). — Δύο βόμβαι ἐξερράγησαν εἰς γραφεῖα τῶν περονιστῶν χωρὶς νὰ προκαλέσουν θύματα.

ΜΠΟΥΕΝΟΣ ΑΥΡΕΣ, 4. (Ασ. Πρές). — Δύο βόμβαι ἐξερράγησαν εἰς γραφεῖα τῶν περονιστῶν χωρὶς νὰ προκαλέσουν θύματα.

ΝΕΑ ΔΙΑΜΑΡΤΥΡΙΑ ΔΙΑ ΤΗ ΜΕΛΑ ΚΑΤΑ ΤΟΥ ΑΘΗΝΑΓΟΡΑ

ΜΠΟΥΕΝΟΣ ΑΥΡΕΣ, 4. — Ἡ ἑλληνικὴ παροικία ἐξέφρασε τὴν διαμαρτυρίαν της διὰ τὰς δηλώσεις.

ΜΠΟΥΕΝΟΣ ΑΥΡΕΣ, 4. — Ἡ ἑλληνικὴ παροικία ἐξέφρασε τὴν διαμαρτυρίαν της διὰ τὰς δηλώσεις.

Η ΦΙΑΤ ΑΝΕΓΕΙΡΕΙ ΕΡΓΟΣΤΑΣΙΟΝ ΕΙΣ ΣΟΒ. ΡΩΣΣΙΑΝ

ΤΟΥΡΙΝΟΝ, 4. (Ασ. Πρές). — Ἡ ἰταλικὴ ἑταιρεία ὑπέγραψε συμφωνίαν διὰ τὴν κατασκευὴν μεγάλου ἐργοστασίου αὐτοκινήτων.

ΤΟΥΡΙΝΟΝ, 4. (Ασ. Πρές). — Ἡ ἰταλικὴ ἑταιρεία ὑπέγραψε συμφωνίαν διὰ τὴν κατασκευὴν μεγάλου ἐργοστασίου αὐτοκινήτων.

Η ΑΛΒΑΝΙΑ ΚΑΤΑΡΓΕΙ ΤΟΥΣ ΒΑΘΜΟΥΣ ΕΙΣ ΤΟΝ ΣΤΡΑΤΟΝ

ΤΟΚΙΟ, 4. (Ρώυτερ). — Τὸ ἀλβανικὸν πρακτορεῖον ἀνήγγειλεν ὅτι καταργοῦνται οἱ βαθμοὶ εἰς τὰς ἐνόπλους δυνάμεις.

ΤΟΚΙΟ, 4. (Ρώυτερ). — Τὸ ἀλβανικὸν πρακτορεῖον ἀνήγγειλεν ὅτι καταργοῦνται οἱ βαθμοὶ εἰς τὰς ἐνόπλους δυνάμεις.

ΤΟΚΙΟ, 4. (Ρώυτερ). — Τὸ ἀλβανικὸν πρακτορεῖον ἀνήγγειλεν ὅτι καταργοῦνται οἱ βαθμοὶ εἰς τὰς ἐνόπλους δυνάμεις.

ΑΙ ΔΗΛΩΣΕΙΣ ΤΟΥ κ. ΚΥΠΡΙΑΝΟΥ

Ὁ ὑπουργὸς τῶν Ἐξωτερικῶν τῆς Κύπρου ἐδήλωσεν ὅτι ἡ κυβέρνησις δὲν θὰ δεχθῇ λύσιν ἀντιβαίνουσαν εἰς τὴν θέλησιν τοῦ λαοῦ.

Ὁ ὑπουργὸς τῶν Ἐξωτερικῶν τῆς Κύπρου ἐδήλωσεν ὅτι ἡ κυβέρνησις δὲν θὰ δεχθῇ λύσιν ἀντιβαίνουσαν εἰς τὴν θέλησιν τοῦ λαοῦ.

Ὁ ὑπουργὸς τῶν Ἐξωτερικῶν τῆς Κύπρου ἐδήλωσεν ὅτι ἡ κυβέρνησις δὲν θὰ δεχθῇ λύσιν ἀντιβαίνουσαν εἰς τὴν θέλησιν τοῦ λαοῦ.

Ὁ ὑπουργὸς τῶν Ἐξωτερικῶν τῆς Κύπρου ἐδήλωσεν ὅτι ἡ κυβέρνησις δὲν θὰ δεχθῇ λύσιν ἀντιβαίνουσαν εἰς τὴν θέλησιν τοῦ λαοῦ.

Ὁ ὑπουργὸς τῶν Ἐξωτερικῶν τῆς Κύπρου ἐδήλωσεν ὅτι ἡ κυβέρνησις δὲν θὰ δεχθῇ λύσιν ἀντιβαίνουσαν εἰς τὴν θέλησιν τοῦ λαοῦ.

ΣΑΙΓΚΟΝ, 4. (Ρώυτερ). — Ἀμερικανὸς στρατιωτικὸς ἐκπρόσωπος ἀνεκοίνωσεν ὅτι αἱ καιρικαὶ συνθῆκαι περιώρισαν σημαντικῶς τὰς ἐπιχειρήσεις τῆς ἀεροπορίας κατὰ τὸ τελευταῖον εἰκοσιτετράωρον.

ΣΑΙΓΚΟΝ, 4. (Ρώυτερ). — Ἀμερικανὸς στρατιωτικὸς ἐκπρόσωπος ἀνεκοίνωσεν ὅτι αἱ καιρικαὶ συνθῆκαι περιώρισαν σημαντικῶς τὰς ἐπιχειρήσεις τῆς ἀεροπορίας κατὰ τὸ τελευταῖον εἰκοσιτετράωρον.

ΣΑΙΓΚΟΝ, 4. (Ρώυτερ). — Ἀμερικανὸς στρατιωτικὸς ἐκπρόσωπος ἀνεκοίνωσεν ὅτι αἱ καιρικαὶ συνθῆκαι περιώρισαν σημαντικῶς τὰς ἐπιχειρήσεις τῆς ἀεροπορίας κατὰ τὸ τελευταῖον εἰκοσιτετράωρον.

ΣΑΙΓΚΟΝ, 4. (Ρώυτερ). — Ἀμερικανὸς στρατιωτικὸς ἐκπρόσωπος ἀνεκοίνωσεν ὅτι αἱ καιρικαὶ συνθῆκαι περιώρισαν σημαντικῶς τὰς ἐπιχειρήσεις τῆς ἀεροπορίας κατὰ τὸ τελευταῖον εἰκοσιτετράωρον.

ΣΑΙΓΚΟΝ, 4. (Ρώυτερ). — Ἀμερικανὸς στρατιωτικὸς ἐκπρόσωπος ἀνεκοίνωσεν ὅτι αἱ καιρικαὶ συνθῆκαι περιώρισαν σημαντικῶς τὰς ἐπιχειρήσεις τῆς ἀεροπορίας κατὰ τὸ τελευταῖον εἰκοσιτετράωρον.

ΣΑΙΓΚΟΝ, 4. (Ρώυτερ). — Ἀμερικανὸς στρατιωτικὸς ἐκπρόσωπος ἀνεκοίνωσεν ὅτι αἱ καιρικαὶ συνθῆκαι περιώρισαν σημαντικῶς τὰς ἐπιχειρήσεις τῆς ἀεροπορίας κατὰ τὸ τελευταῖον εἰκοσιτετράωρον.

ΠΑΣΙΦΙΚΟΝ ΚΟΣΜΟΝ

Ἐκδηλώσεις εἰς τὸν χῶρον τοῦ Εἰρηνικοῦ διὰ τὴν ἐπέτειον.

Ἐκδηλώσεις εἰς τὸν χῶρον τοῦ Εἰρηνικοῦ διὰ τὴν ἐπέτειον.

ΟΙ ΠΛΕΙΣΤΟΙ ΤΩΝ ΙΝΔΟΝΗΣΙΩΝ ΠΟΛΙΤΙΚΩΝ ΗΓΕΤΩΝ ΗΡΝΗΘΗΣΑΝ ΝΑ ΑΠΟΔΕΧΘΟΥΝ ΤΟΝ ΔΙΟΡΙΣΜΟΝ ΕΙΣ ΤΗΝ ΣΥΜΒΟΥΛΕΥΤΙΚΗΝ ΕΠΙΤΡΟΠΗΝ ΤΟΥ ΣΟΕΚΑΡΝΟ

ΤΖΑΚΑΡΤΑ, 4. (Ρώυτερ). — Ἡ ἄρνησις τῶν ἡγετῶν θεωρεῖται σοβαρὸν πλῆγμα διὰ τὸν πρόεδρον.

ΤΖΑΚΑΡΤΑ, 4. (Ρώυτερ). — Ἡ ἄρνησις τῶν ἡγετῶν θεωρεῖται σοβαρὸν πλῆγμα διὰ τὸν πρόεδρον.

ΤΖΑΚΑΡΤΑ, 4. (Ρώυτερ). — Ἡ ἄρνησις τῶν ἡγετῶν θεωρεῖται σοβαρὸν πλῆγμα διὰ τὸν πρόεδρον.

ΤΖΑΚΑΡΤΑ, 4. (Ρώυτερ). — Ἡ ἄρνησις τῶν ἡγετῶν θεωρεῖται σοβαρὸν πλῆγμα διὰ τὸν πρόεδρον.

ΤΖΑΚΑΡΤΑ, 4. (Ρώυτερ). — Ἡ ἄρνησις τῶν ἡγετῶν θεωρεῖται σοβαρὸν πλῆγμα διὰ τὸν πρόεδρον.

ΤΖΑΚΑΡΤΑ, 4. (Ρώυτερ). — Ἡ ἄρνησις τῶν ἡγετῶν θεωρεῖται σοβαρὸν πλῆγμα διὰ τὸν πρόεδρον.

ΜΙΚΡΑΙ ΕΞΩΤΕΡΙΚΑΙ ΕΙΔΗΣΕΙΣ

— Ἡ ΙΣΡΑΗΛ ἐπικυρώνει τὴν συμφωνίαν. — Ἡ ΙΝΔΟΝΗΣΙΑ ἀπαγορεύει τὸ κόμμα. — ΠΕΝΤΑΜΕΛΗΣ ἀντιπροσωπεία ἀναχωρεῖ. — ΚΑΜΠΟΤΖΗ διεμαρτυρήθη. — ΣΥΡΙΑ ἀπελαύνει δημοσιογράφους.

— Ἡ ΙΣΡΑΗΛ ἐπικυρώνει τὴν συμφωνίαν. — Ἡ ΙΝΔΟΝΗΣΙΑ ἀπαγορεύει τὸ κόμμα. — ΠΕΝΤΑΜΕΛΗΣ ἀντιπροσωπεία ἀναχωρεῖ. — ΚΑΜΠΟΤΖΗ διεμαρτυρήθη. — ΣΥΡΙΑ ἀπελαύνει δημοσιογράφους.

— Ἡ ΙΣΡΑΗΛ ἐπικυρώνει τὴν συμφωνίαν. — Ἡ ΙΝΔΟΝΗΣΙΑ ἀπαγορεύει τὸ κόμμα. — ΠΕΝΤΑΜΕΛΗΣ ἀντιπροσωπεία ἀναχωρεῖ. — ΚΑΜΠΟΤΖΗ διεμαρτυρήθη. — ΣΥΡΙΑ ἀπελαύνει δημοσιογράφους.

— Ἡ ΙΣΡΑΗΛ ἐπικυρώνει τὴν συμφωνίαν. — Ἡ ΙΝΔΟΝΗΣΙΑ ἀπαγορεύει τὸ κόμμα. — ΠΕΝΤΑΜΕΛΗΣ ἀντιπροσωπεία ἀναχωρεῖ. — ΚΑΜΠΟΤΖΗ διεμαρτυρήθη. — ΣΥΡΙΑ ἀπελαύνει δημοσιογράφους.

— Ἡ ΙΣΡΑΗΛ ἐπικυρώνει τὴν συμφωνίαν. — Ἡ ΙΝΔΟΝΗΣΙΑ ἀπαγορεύει τὸ κόμμα. — ΠΕΝΤΑΜΕΛΗΣ ἀντιπροσωπεία ἀναχωρεῖ. — ΚΑΜΠΟΤΖΗ διεμαρτυρήθη. — ΣΥΡΙΑ ἀπελαύνει δημοσιογράφους.

— Ἡ ΙΣΡΑΗΛ ἐπικυρώνει τὴν συμφωνίαν. — Ἡ ΙΝΔΟΝΗΣΙΑ ἀπαγορεύει τὸ κόμμα. — ΠΕΝΤΑΜΕΛΗΣ ἀντιπροσωπεία ἀναχωρεῖ. — ΚΑΜΠΟΤΖΗ διεμαρτυρήθη. — ΣΥΡΙΑ ἀπελαύνει δημοσιογράφους.

— Ἡ ΙΣΡΑΗΛ ἐπικυρώνει τὴν συμφωνίαν. — Ἡ ΙΝΔΟΝΗΣΙΑ ἀπαγορεύει τὸ κόμμα. — ΠΕΝΤΑΜΕΛΗΣ ἀντιπροσωπεία ἀναχωρεῖ. — ΚΑΜΠΟΤΖΗ διεμαρτυρήθη. — ΣΥΡΙΑ ἀπελαύνει δημοσιογράφους.

— Ἡ ΙΣΡΑΗΛ ἐπικυρώνει τὴν συμφωνίαν. — Ἡ ΙΝΔΟΝΗΣΙΑ ἀπαγορεύει τὸ κόμμα. — ΠΕΝΤΑΜΕΛΗΣ ἀντιπροσωπεία ἀναχωρεῖ. — ΚΑΜΠΟΤΖΗ διεμαρτυρήθη. — ΣΥΡΙΑ ἀπελαύνει δημοσιογράφους.

— Ἡ ΙΣΡΑΗΛ ἐπικυρώνει τὴν συμφωνίαν. — Ἡ ΙΝΔΟΝΗΣΙΑ ἀπαγορεύει τὸ κόμμα. — ΠΕΝΤΑΜΕΛΗΣ ἀντιπροσωπεία ἀναχωρεῖ. — ΚΑΜΠΟΤΖΗ διεμαρτυρήθη. — ΣΥΡΙΑ ἀπελαύνει δημοσιογράφους.

— Ἡ ΙΣΡΑΗΛ ἐπικυρώνει τὴν συμφωνίαν. — Ἡ ΙΝΔΟΝΗΣΙΑ ἀπαγορεύει τὸ κόμμα. — ΠΕΝΤΑΜΕΛΗΣ ἀντιπροσωπεία ἀναχωρεῖ. — ΚΑΜΠΟΤΖΗ διεμαρτυρήθη. — ΣΥΡΙΑ ἀπελαύνει δημοσιογράφους.

— Ἡ ΙΣΡΑΗΛ ἐπικυρώνει τὴν συμφωνίαν. — Ἡ ΙΝΔΟΝΗΣΙΑ ἀπαγορεύει τὸ κόμμα. — ΠΕΝΤΑΜΕΛΗΣ ἀντιπροσωπεία ἀναχωρεῖ. — ΚΑΜΠΟΤΖΗ διεμαρτυρήθη. — ΣΥΡΙΑ ἀπελαύνει δημοσιογράφους.

— Ἡ ΙΣΡΑΗΛ ἐπικυρώνει τὴν συμφωνίαν. — Ἡ ΙΝΔΟΝΗΣΙΑ ἀπαγορεύει τὸ κόμμα. — ΠΕΝΤΑΜΕΛΗΣ ἀντιπροσωπεία ἀναχωρεῖ. — ΚΑΜΠΟΤΖΗ διεμαρτυρήθη. — ΣΥΡΙΑ ἀπελαύνει δημοσιογράφους.
